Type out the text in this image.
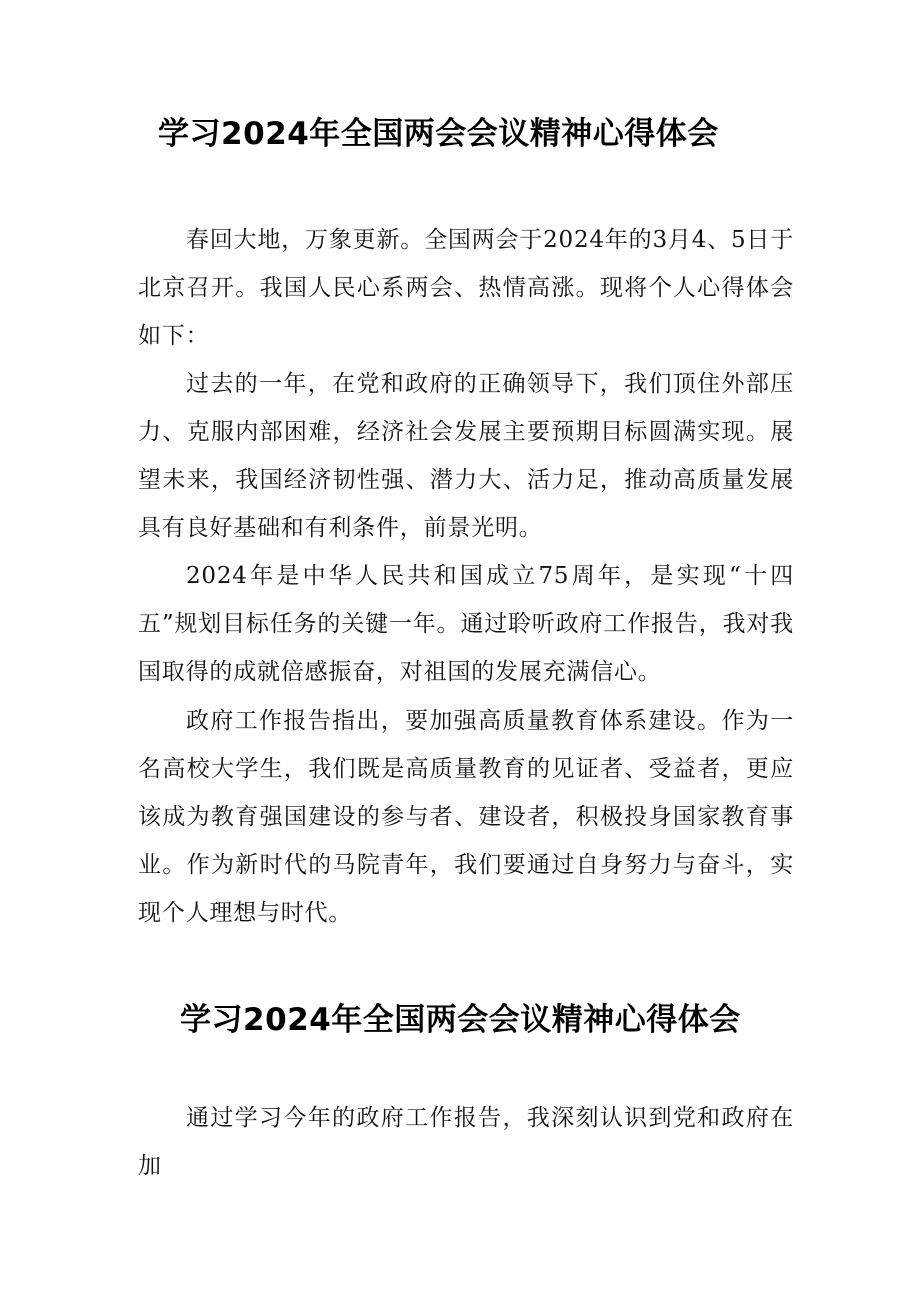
学习2024年全国两会会议精神心得体会

春回大地，万象更新。全国两会于2024年的3月4、5日于北京召开。我国人民心系两会、热情高涨。现将个人心得体会如下：

过去的一年，在党和政府的正确领导下，我们顶住外部压力、克服内部困难，经济社会发展主要预期目标圆满实现。展望未来，我国经济韧性强、潜力大、活力足，推动高质量发展具有良好基础和有利条件，前景光明。

2024年是中华人民共和国成立75周年，是实现“十四五”规划目标任务的关键一年。通过聆听政府工作报告，我对我国取得的成就倍感振奋，对祖国的发展充满信心。

政府工作报告指出，要加强高质量教育体系建设。作为一名高校大学生，我们既是高质量教育的见证者、受益者，更应该成为教育强国建设的参与者、建设者，积极投身国家教育事业。作为新时代的马院青年，我们要通过自身努力与奋斗，实现个人理想与时代。

学习2024年全国两会会议精神心得体会

通过学习今年的政府工作报告，我深刻认识到党和政府在加
